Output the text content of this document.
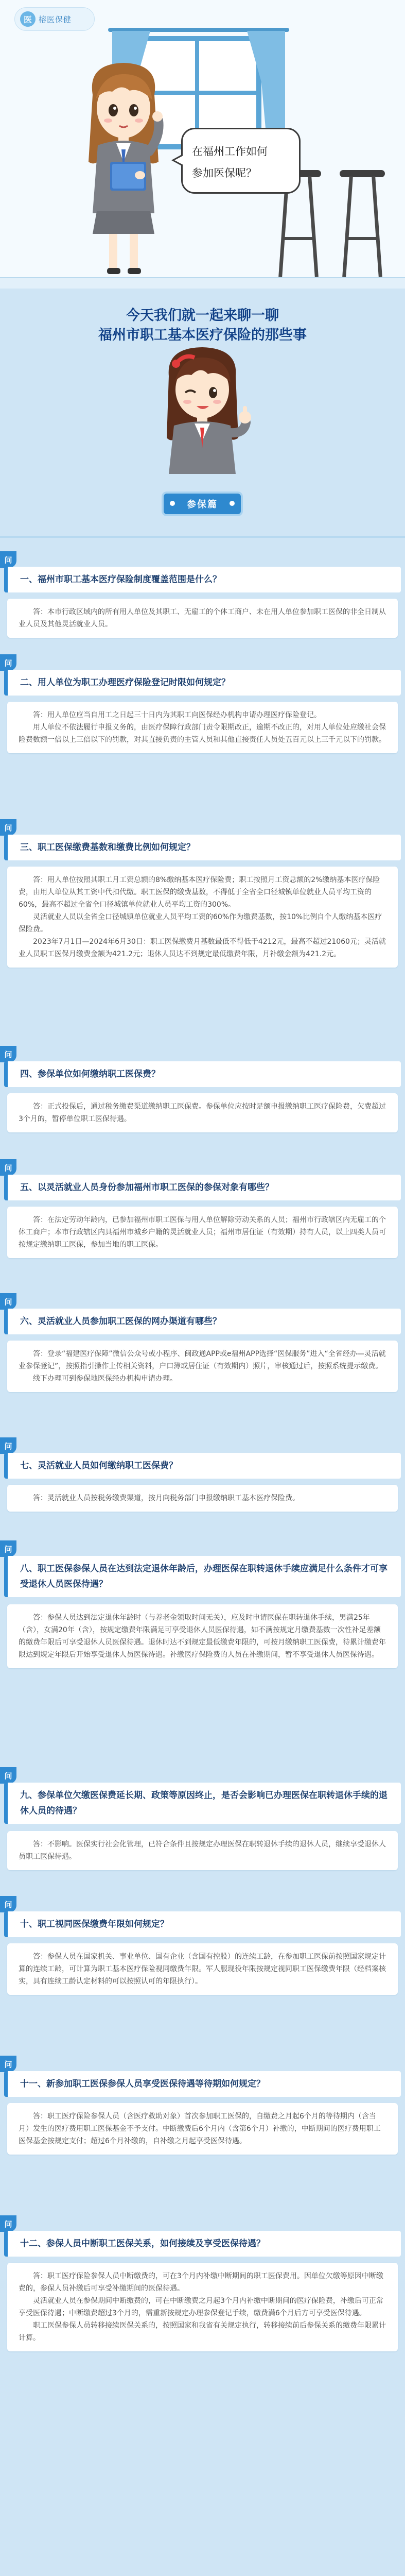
医 榕医保健
在福州工作如何
参加医保呢？
今天我们就一起来聊一聊
福州市职工基本医疗保险的那些事
参保篇
问
一、福州市职工基本医疗保险制度覆盖范围是什么？

答：本市行政区域内的所有用人单位及其职工、无雇工的个体工商户、未在用人单位参加职工医保的非全日制从业人员及其他灵活就业人员。

问
二、用人单位为职工办理医疗保险登记时限如何规定？

答：用人单位应当自用工之日起三十日内为其职工向医保经办机构申请办理医疗保险登记。

用人单位不依法履行申报义务的，由医疗保障行政部门责令限期改正，逾期不改正的，对用人单位处应缴社会保险费数额一倍以上三倍以下的罚款，对其直接负责的主管人员和其他直接责任人员处五百元以上三千元以下的罚款。

问
三、职工医保缴费基数和缴费比例如何规定？

答：用人单位按照其职工月工资总额的8%缴纳基本医疗保险费；职工按照月工资总额的2%缴纳基本医疗保险费，由用人单位从其工资中代扣代缴。职工医保的缴费基数，不得低于全省全口径城镇单位就业人员平均工资的60%，最高不超过全省全口径城镇单位就业人员平均工资的300%。

灵活就业人员以全省全口径城镇单位就业人员平均工资的60%作为缴费基数，按10%比例自个人缴纳基本医疗保险费。

2023年7月1日—2024年6月30日：职工医保缴费月基数最低不得低于4212元，最高不超过21060元；灵活就业人员职工医保月缴费金额为421.2元；退休人员达不到规定最低缴费年限，月补缴金额为421.2元。

问
四、参保单位如何缴纳职工医保费？

答：正式投保后，通过税务缴费渠道缴纳职工医保费。参保单位应按时足额申报缴纳职工医疗保险费，欠费超过3个月的，暂停单位职工医保待遇。

问
五、以灵活就业人员身份参加福州市职工医保的参保对象有哪些？

答：在法定劳动年龄内，已参加福州市职工医保与用人单位解除劳动关系的人员；福州市行政辖区内无雇工的个体工商户；本市行政辖区内具福州市城乡户籍的灵活就业人员；福州市居住证（有效期）持有人员，以上四类人员可按规定缴纳职工医保，参加当地的职工医保。

问
六、灵活就业人员参加职工医保的网办渠道有哪些？

答：登录“福建医疗保障”微信公众号或小程序、闽政通APP或e福州APP选择“医保服务”进入“全省经办—灵活就业参保登记”，按照指引操作上传相关资料，户口簿或居住证（有效期内）照片，审核通过后，按照系统提示缴费。

线下办理可到参保地医保经办机构申请办理。

问
七、灵活就业人员如何缴纳职工医保费？

答：灵活就业人员按税务缴费渠道，按月向税务部门申报缴纳职工基本医疗保险费。

问
八、职工医保参保人员在达到法定退休年龄后，办理医保在职转退休手续应满足什么条件才可享受退休人员医保待遇？

答：参保人员达到法定退休年龄时（与养老金领取时间无关），应及时申请医保在职转退休手续，男满25年（含），女满20年（含），按规定缴费年限满足可享受退休人员医保待遇，如不满按规定月缴费基数一次性补足差额的缴费年限后可享受退休人员医保待遇。退休时达不到规定最低缴费年限的，可按月缴纳职工医保费，待累计缴费年限达到规定年限后开始享受退休人员医保待遇。补缴医疗保险费的人员在补缴期间，暂不享受退休人员医保待遇。

问
九、参保单位欠缴医保费延长期、政策等原因终止，是否会影响已办理医保在职转退休手续的退休人员的待遇？

答：不影响。医保实行社会化管理，已符合条件且按规定办理医保在职转退休手续的退休人员，继续享受退休人员职工医保待遇。

问
十、职工视同医保缴费年限如何规定？

答：参保人员在国家机关、事业单位、国有企业（含国有控股）的连续工龄，在参加职工医保前按照国家规定计算的连续工龄，可计算为职工基本医疗保险视同缴费年限。军人服现役年限按规定视同职工医保缴费年限（经档案核实，具有连续工龄认定材料的可以按照认可的年限执行）。

问
十一、新参加职工医保参保人员享受医保待遇等待期如何规定？

答：职工医疗保险参保人员（含医疗救助对象）首次参加职工医保的，自缴费之月起6个月的等待期内（含当月）发生的医疗费用职工医保基金不予支付。中断缴费后6个月内（含第6个月）补缴的，中断期间的医疗费用职工医保基金按规定支付；超过6个月补缴的，自补缴之月起享受医保待遇。

问
十二、参保人员中断职工医保关系，如何接续及享受医保待遇？

答：职工医疗保险参保人员中断缴费的，可在3个月内补缴中断期间的职工医保费用。因单位欠缴等原因中断缴费的，参保人员补缴后可享受补缴期间的医保待遇。

灵活就业人员在参保期间中断缴费的，可在中断缴费之月起3个月内补缴中断期间的医疗保险费，补缴后可正常享受医保待遇；中断缴费超过3个月的，需重新按规定办理参保登记手续，缴费满6个月后方可享受医保待遇。

职工医保参保人员转移接续医保关系的，按照国家和我省有关规定执行，转移接续前后参保关系的缴费年限累计计算。
